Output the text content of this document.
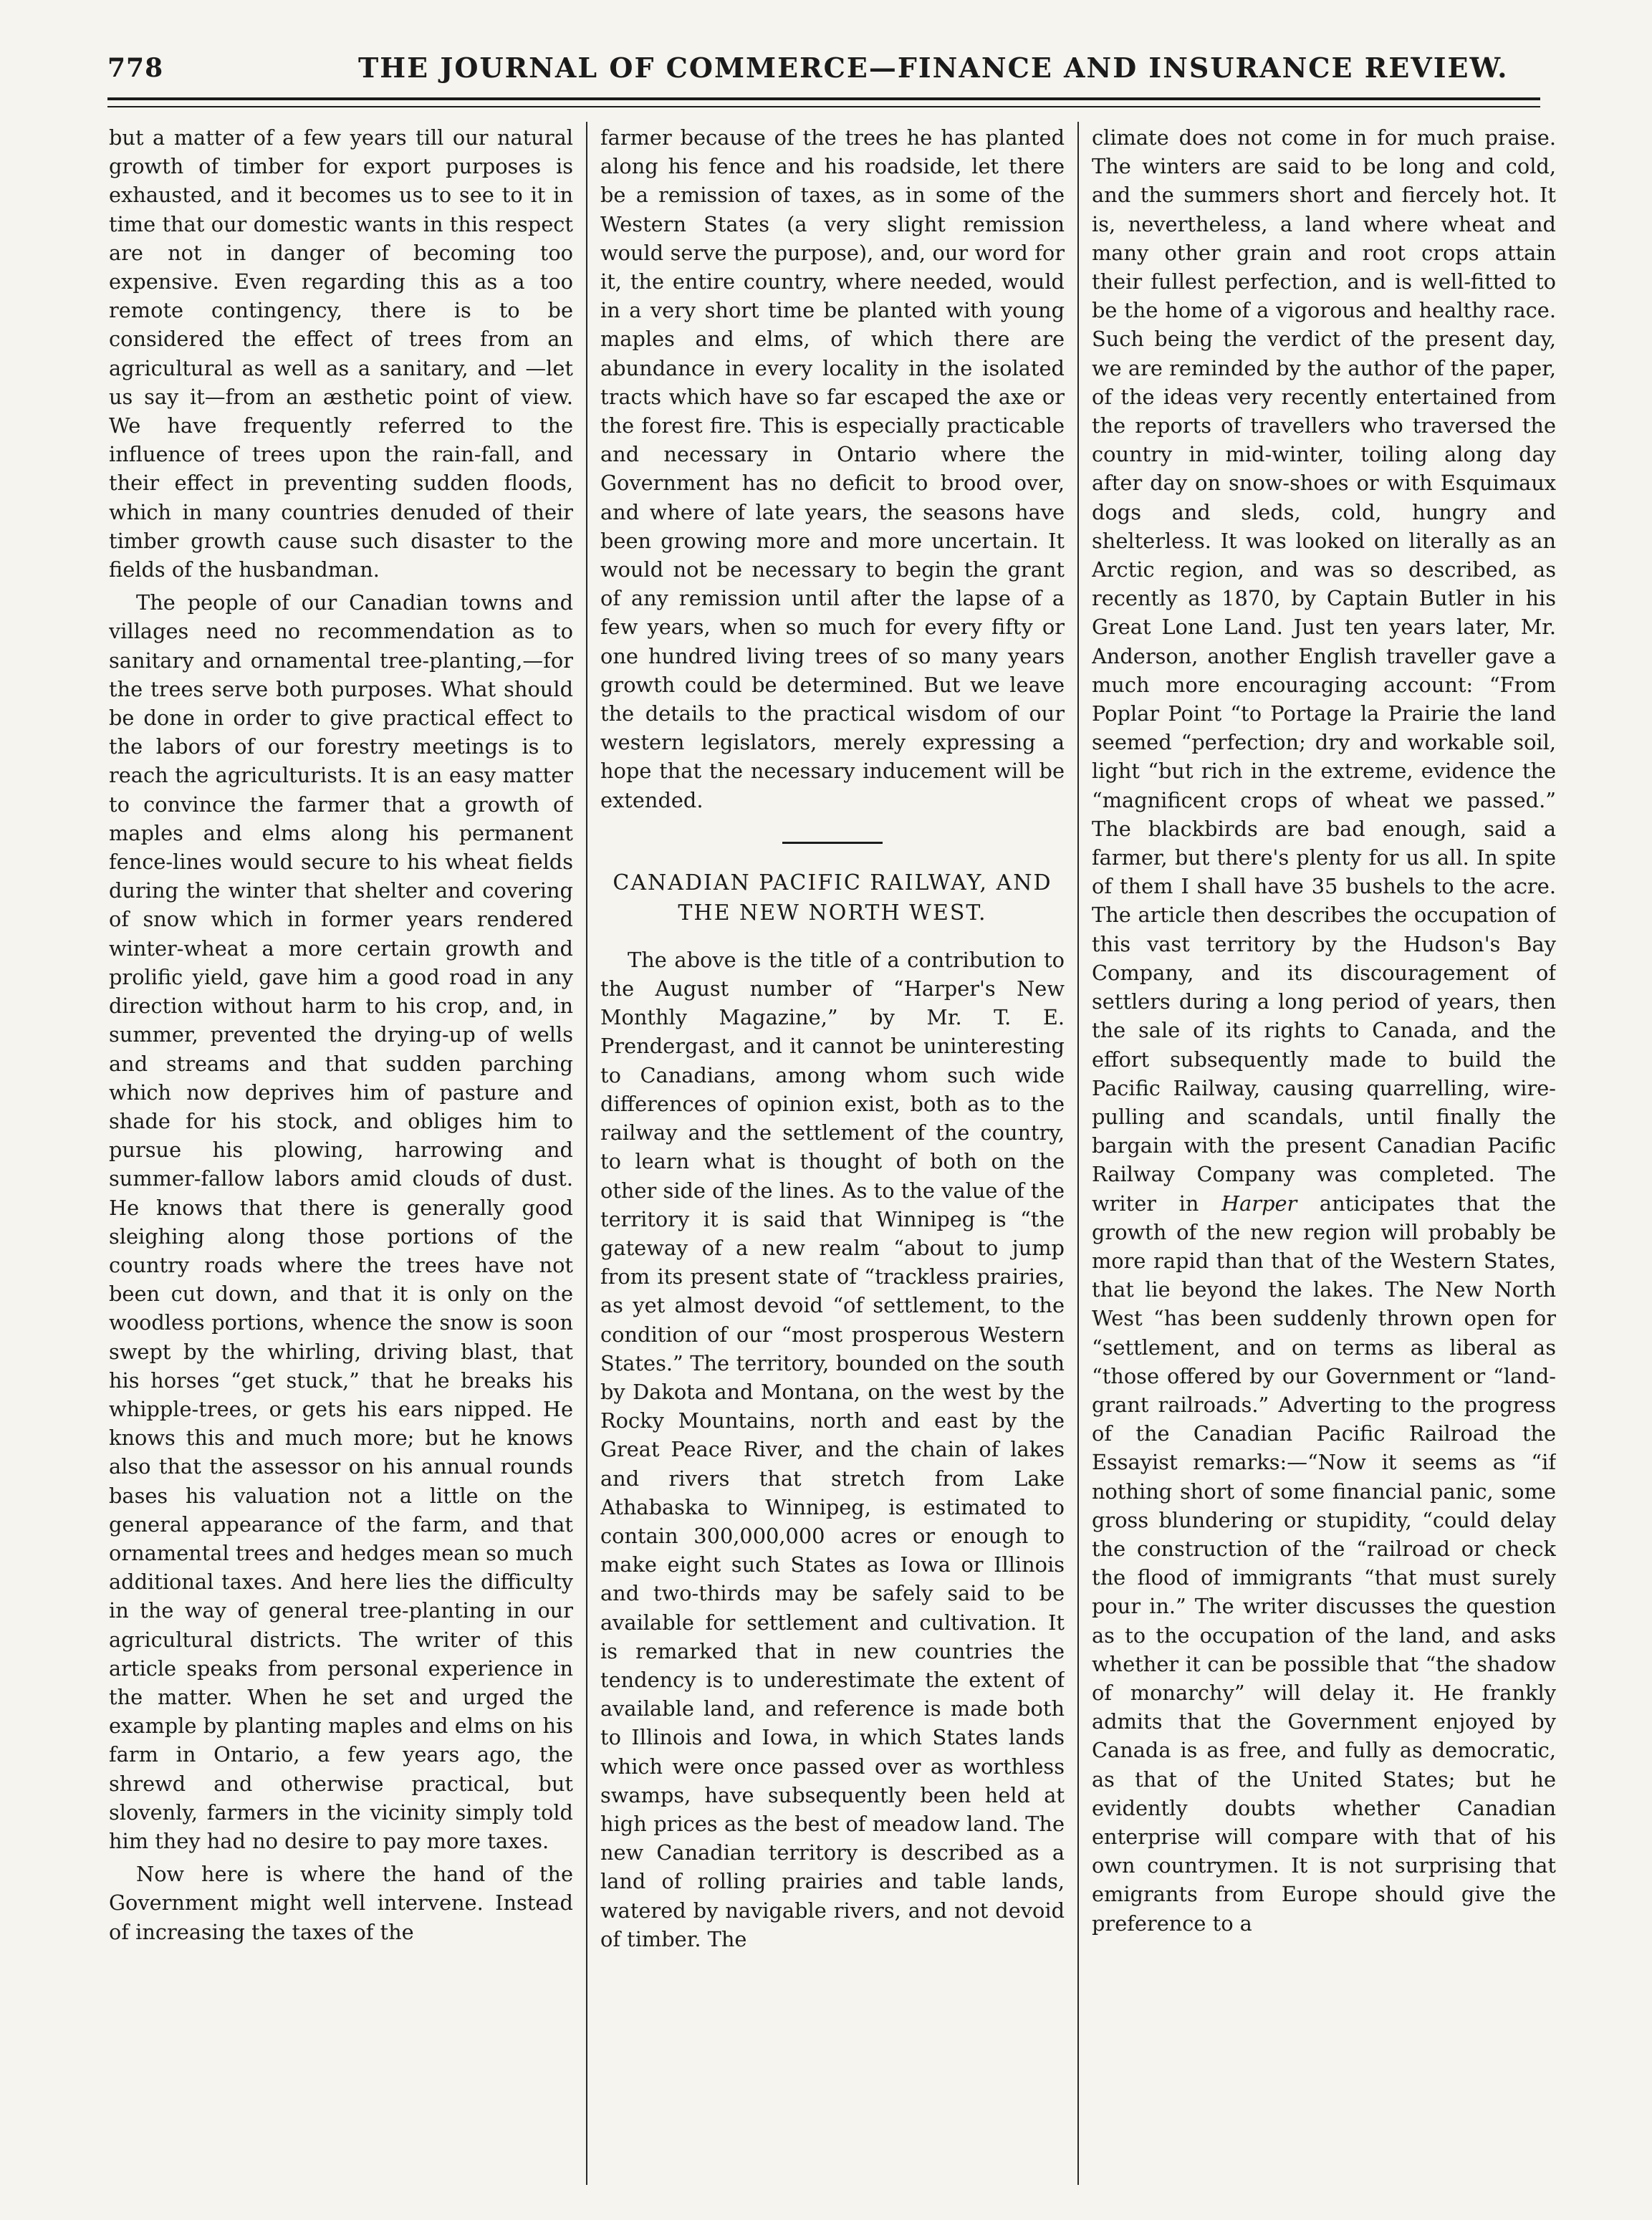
778	THE JOURNAL OF COMMERCE—FINANCE AND INSURANCE REVIEW.

but a matter of a few years till our natural growth of timber for export purposes is exhausted, and it becomes us to see to it in time that our domestic wants in this respect are not in danger of becoming too expensive. Even regarding this as a too remote contingency, there is to be considered the effect of trees from an agricultural as well as a sanitary, and —let us say it—from an æsthetic point of view. We have frequently referred to the influence of trees upon the rain-fall, and their effect in preventing sudden floods, which in many countries denuded of their timber growth cause such disaster to the fields of the husbandman.

The people of our Canadian towns and villages need no recommendation as to sanitary and ornamental tree-planting,—for the trees serve both purposes. What should be done in order to give practical effect to the labors of our forestry meetings is to reach the agriculturists. It is an easy matter to convince the farmer that a growth of maples and elms along his permanent fence-lines would secure to his wheat fields during the winter that shelter and covering of snow which in former years rendered winter-wheat a more certain growth and prolific yield, gave him a good road in any direction without harm to his crop, and, in summer, prevented the drying-up of wells and streams and that sudden parching which now deprives him of pasture and shade for his stock, and obliges him to pursue his plowing, harrowing and summer-fallow labors amid clouds of dust. He knows that there is generally good sleighing along those portions of the country roads where the trees have not been cut down, and that it is only on the woodless portions, whence the snow is soon swept by the whirling, driving blast, that his horses “get stuck,” that he breaks his whipple-trees, or gets his ears nipped. He knows this and much more; but he knows also that the assessor on his annual rounds bases his valuation not a little on the general appearance of the farm, and that ornamental trees and hedges mean so much additional taxes. And here lies the difficulty in the way of general tree-planting in our agricultural districts. The writer of this article speaks from personal experience in the matter. When he set and urged the example by planting maples and elms on his farm in Ontario, a few years ago, the shrewd and otherwise practical, but slovenly, farmers in the vicinity simply told him they had no desire to pay more taxes.

Now here is where the hand of the Government might well intervene. Instead of increasing the taxes of the

farmer because of the trees he has planted along his fence and his roadside, let there be a remission of taxes, as in some of the Western States (a very slight remission would serve the purpose), and, our word for it, the entire country, where needed, would in a very short time be planted with young maples and elms, of which there are abundance in every locality in the isolated tracts which have so far escaped the axe or the forest fire. This is especially practicable and necessary in Ontario where the Government has no deficit to brood over, and where of late years, the seasons have been growing more and more uncertain. It would not be necessary to begin the grant of any remission until after the lapse of a few years, when so much for every fifty or one hundred living trees of so many years growth could be determined. But we leave the details to the practical wisdom of our western legislators, merely expressing a hope that the necessary inducement will be extended.

CANADIAN PACIFIC RAILWAY, AND
THE NEW NORTH WEST.

The above is the title of a contribution to the August number of “Harper's New Monthly Magazine,” by Mr. T. E. Prendergast, and it cannot be uninteresting to Canadians, among whom such wide differences of opinion exist, both as to the railway and the settlement of the country, to learn what is thought of both on the other side of the lines. As to the value of the territory it is said that Winnipeg is “the gateway of a new realm “about to jump from its present state of “trackless prairies, as yet almost devoid “of settlement, to the condition of our “most prosperous Western States.” The territory, bounded on the south by Dakota and Montana, on the west by the Rocky Mountains, north and east by the Great Peace River, and the chain of lakes and rivers that stretch from Lake Athabaska to Winnipeg, is estimated to contain 300,000,000 acres or enough to make eight such States as Iowa or Illinois and two-thirds may be safely said to be available for settlement and cultivation. It is remarked that in new countries the tendency is to underestimate the extent of available land, and reference is made both to Illinois and Iowa, in which States lands which were once passed over as worthless swamps, have subsequently been held at high prices as the best of meadow land. The new Canadian territory is described as a land of rolling prairies and table lands, watered by navigable rivers, and not devoid of timber. The

climate does not come in for much praise. The winters are said to be long and cold, and the summers short and fiercely hot. It is, nevertheless, a land where wheat and many other grain and root crops attain their fullest perfection, and is well-fitted to be the home of a vigorous and healthy race. Such being the verdict of the present day, we are reminded by the author of the paper, of the ideas very recently entertained from the reports of travellers who traversed the country in mid-winter, toiling along day after day on snow-shoes or with Esquimaux dogs and sleds, cold, hungry and shelterless. It was looked on literally as an Arctic region, and was so described, as recently as 1870, by Captain Butler in his Great Lone Land. Just ten years later, Mr. Anderson, another English traveller gave a much more encouraging account: “From Poplar Point “to Portage la Prairie the land seemed “perfection; dry and workable soil, light “but rich in the extreme, evidence the “magnificent crops of wheat we passed.” The blackbirds are bad enough, said a farmer, but there's plenty for us all. In spite of them I shall have 35 bushels to the acre. The article then describes the occupation of this vast territory by the Hudson's Bay Company, and its discouragement of settlers during a long period of years, then the sale of its rights to Canada, and the effort subsequently made to build the Pacific Railway, causing quarrelling, wire-pulling and scandals, until finally the bargain with the present Canadian Pacific Railway Company was completed. The writer in Harper anticipates that the growth of the new region will probably be more rapid than that of the Western States, that lie beyond the lakes. The New North West “has been suddenly thrown open for “settlement, and on terms as liberal as “those offered by our Government or “land-grant railroads.” Adverting to the progress of the Canadian Pacific Railroad the Essayist remarks:—“Now it seems as “if nothing short of some financial panic, some gross blundering or stupidity, “could delay the construction of the “railroad or check the flood of immigrants “that must surely pour in.” The writer discusses the question as to the occupation of the land, and asks whether it can be possible that “the shadow of monarchy” will delay it. He frankly admits that the Government enjoyed by Canada is as free, and fully as democratic, as that of the United States; but he evidently doubts whether Canadian enterprise will compare with that of his own countrymen. It is not surprising that emigrants from Europe should give the preference to a
